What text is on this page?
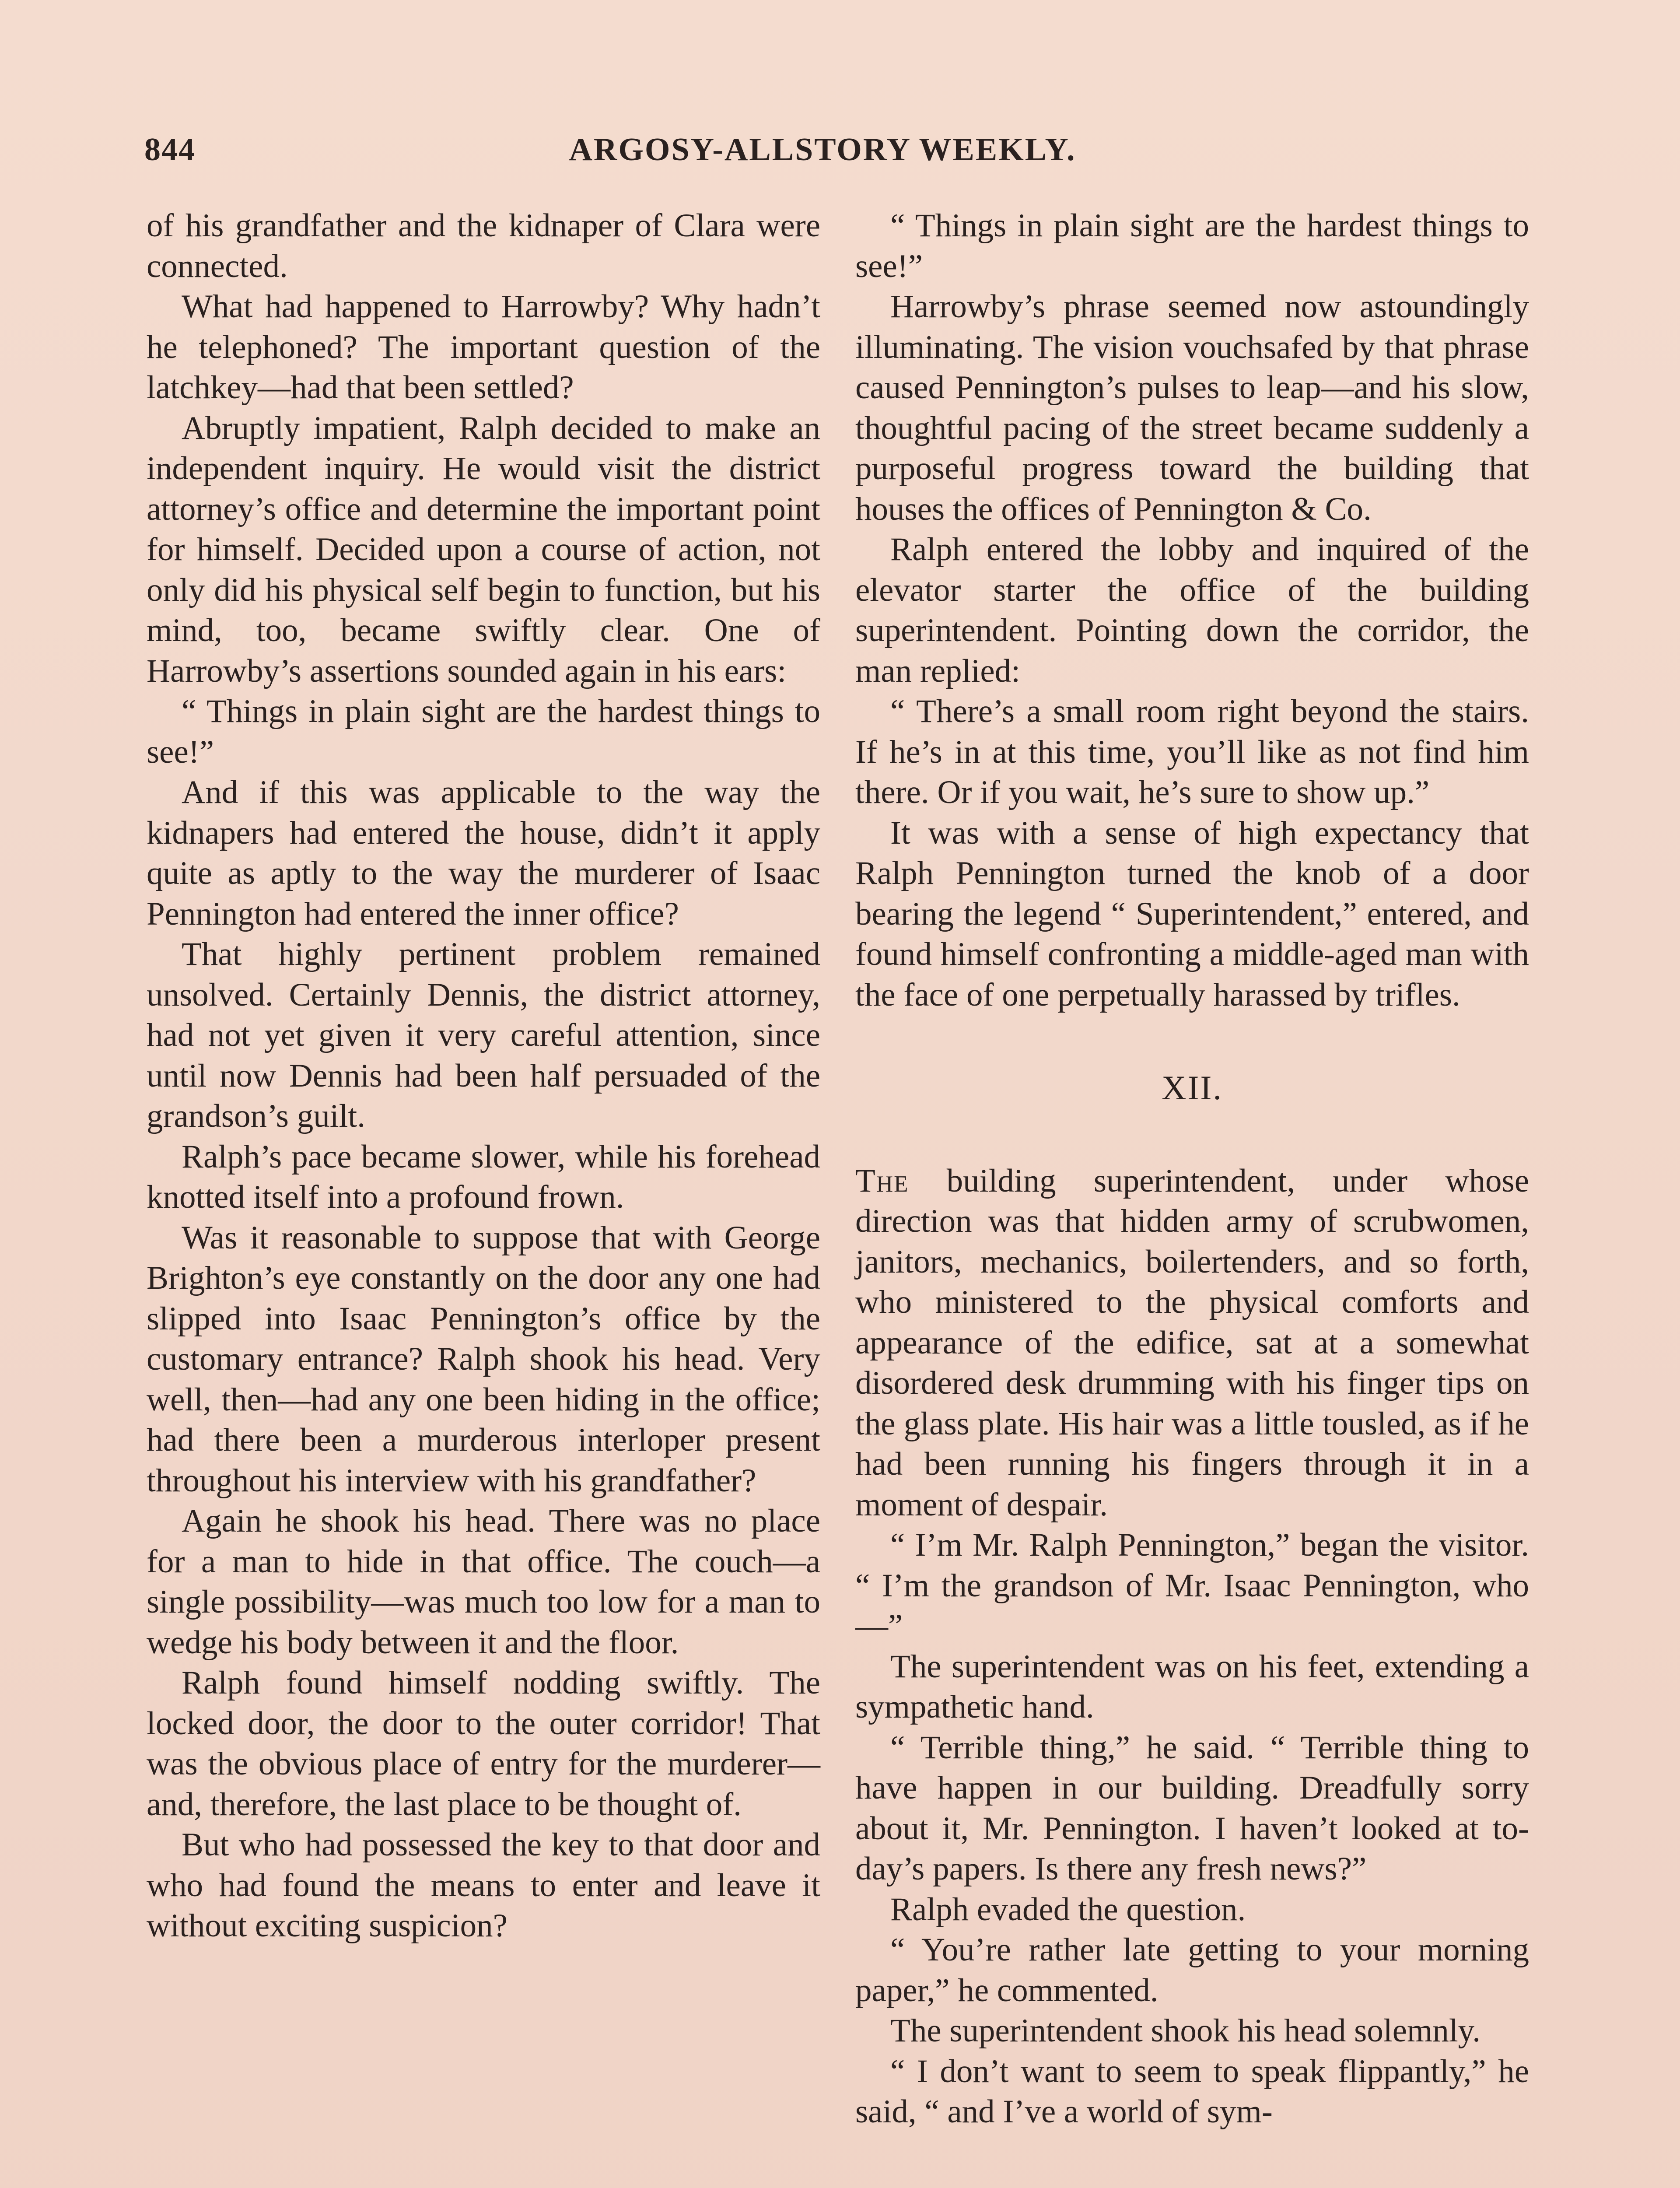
844	ARGOSY-ALLSTORY WEEKLY.

of his grandfather and the kidnaper of Clara were connected.

What had happened to Harrowby? Why hadn’t he telephoned? The important question of the latchkey—had that been settled?

Abruptly impatient, Ralph decided to make an independent inquiry. He would visit the district attorney’s office and determine the important point for himself. Decided upon a course of action, not only did his physical self begin to function, but his mind, too, became swiftly clear. One of Harrowby’s assertions sounded again in his ears:

“ Things in plain sight are the hardest things to see!”

And if this was applicable to the way the kidnapers had entered the house, didn’t it apply quite as aptly to the way the murderer of Isaac Pennington had entered the inner office?

That highly pertinent problem remained unsolved. Certainly Dennis, the district attorney, had not yet given it very careful attention, since until now Dennis had been half persuaded of the grandson’s guilt.

Ralph’s pace became slower, while his forehead knotted itself into a profound frown.

Was it reasonable to suppose that with George Brighton’s eye constantly on the door any one had slipped into Isaac Pennington’s office by the customary entrance? Ralph shook his head. Very well, then—had any one been hiding in the office; had there been a murderous interloper present throughout his interview with his grandfather?

Again he shook his head. There was no place for a man to hide in that office. The couch—a single possibility—was much too low for a man to wedge his body between it and the floor.

Ralph found himself nodding swiftly. The locked door, the door to the outer corridor! That was the obvious place of entry for the murderer—and, therefore, the last place to be thought of.

But who had possessed the key to that door and who had found the means to enter and leave it without exciting suspicion?

“ Things in plain sight are the hardest things to see!”

Harrowby’s phrase seemed now astoundingly illuminating. The vision vouchsafed by that phrase caused Pennington’s pulses to leap—and his slow, thoughtful pacing of the street became suddenly a purposeful progress toward the building that houses the offices of Pennington & Co.

Ralph entered the lobby and inquired of the elevator starter the office of the building superintendent. Pointing down the corridor, the man replied:

“ There’s a small room right beyond the stairs. If he’s in at this time, you’ll like as not find him there. Or if you wait, he’s sure to show up.”

It was with a sense of high expectancy that Ralph Pennington turned the knob of a door bearing the legend “ Superintendent,” entered, and found himself confronting a middle-aged man with the face of one perpetually harassed by trifles.

XII.

The building superintendent, under whose direction was that hidden army of scrubwomen, janitors, mechanics, boilertenders, and so forth, who ministered to the physical comforts and appearance of the edifice, sat at a somewhat disordered desk drumming with his finger tips on the glass plate. His hair was a little tousled, as if he had been running his fingers through it in a moment of despair.

“ I’m Mr. Ralph Pennington,” began the visitor. “ I’m the grandson of Mr. Isaac Pennington, who—”

The superintendent was on his feet, extending a sympathetic hand.

“ Terrible thing,” he said. “ Terrible thing to have happen in our building. Dreadfully sorry about it, Mr. Pennington. I haven’t looked at to-day’s papers. Is there any fresh news?”

Ralph evaded the question.

“ You’re rather late getting to your morning paper,” he commented.

The superintendent shook his head solemnly.

“ I don’t want to seem to speak flippantly,” he said, “ and I’ve a world of sym-
